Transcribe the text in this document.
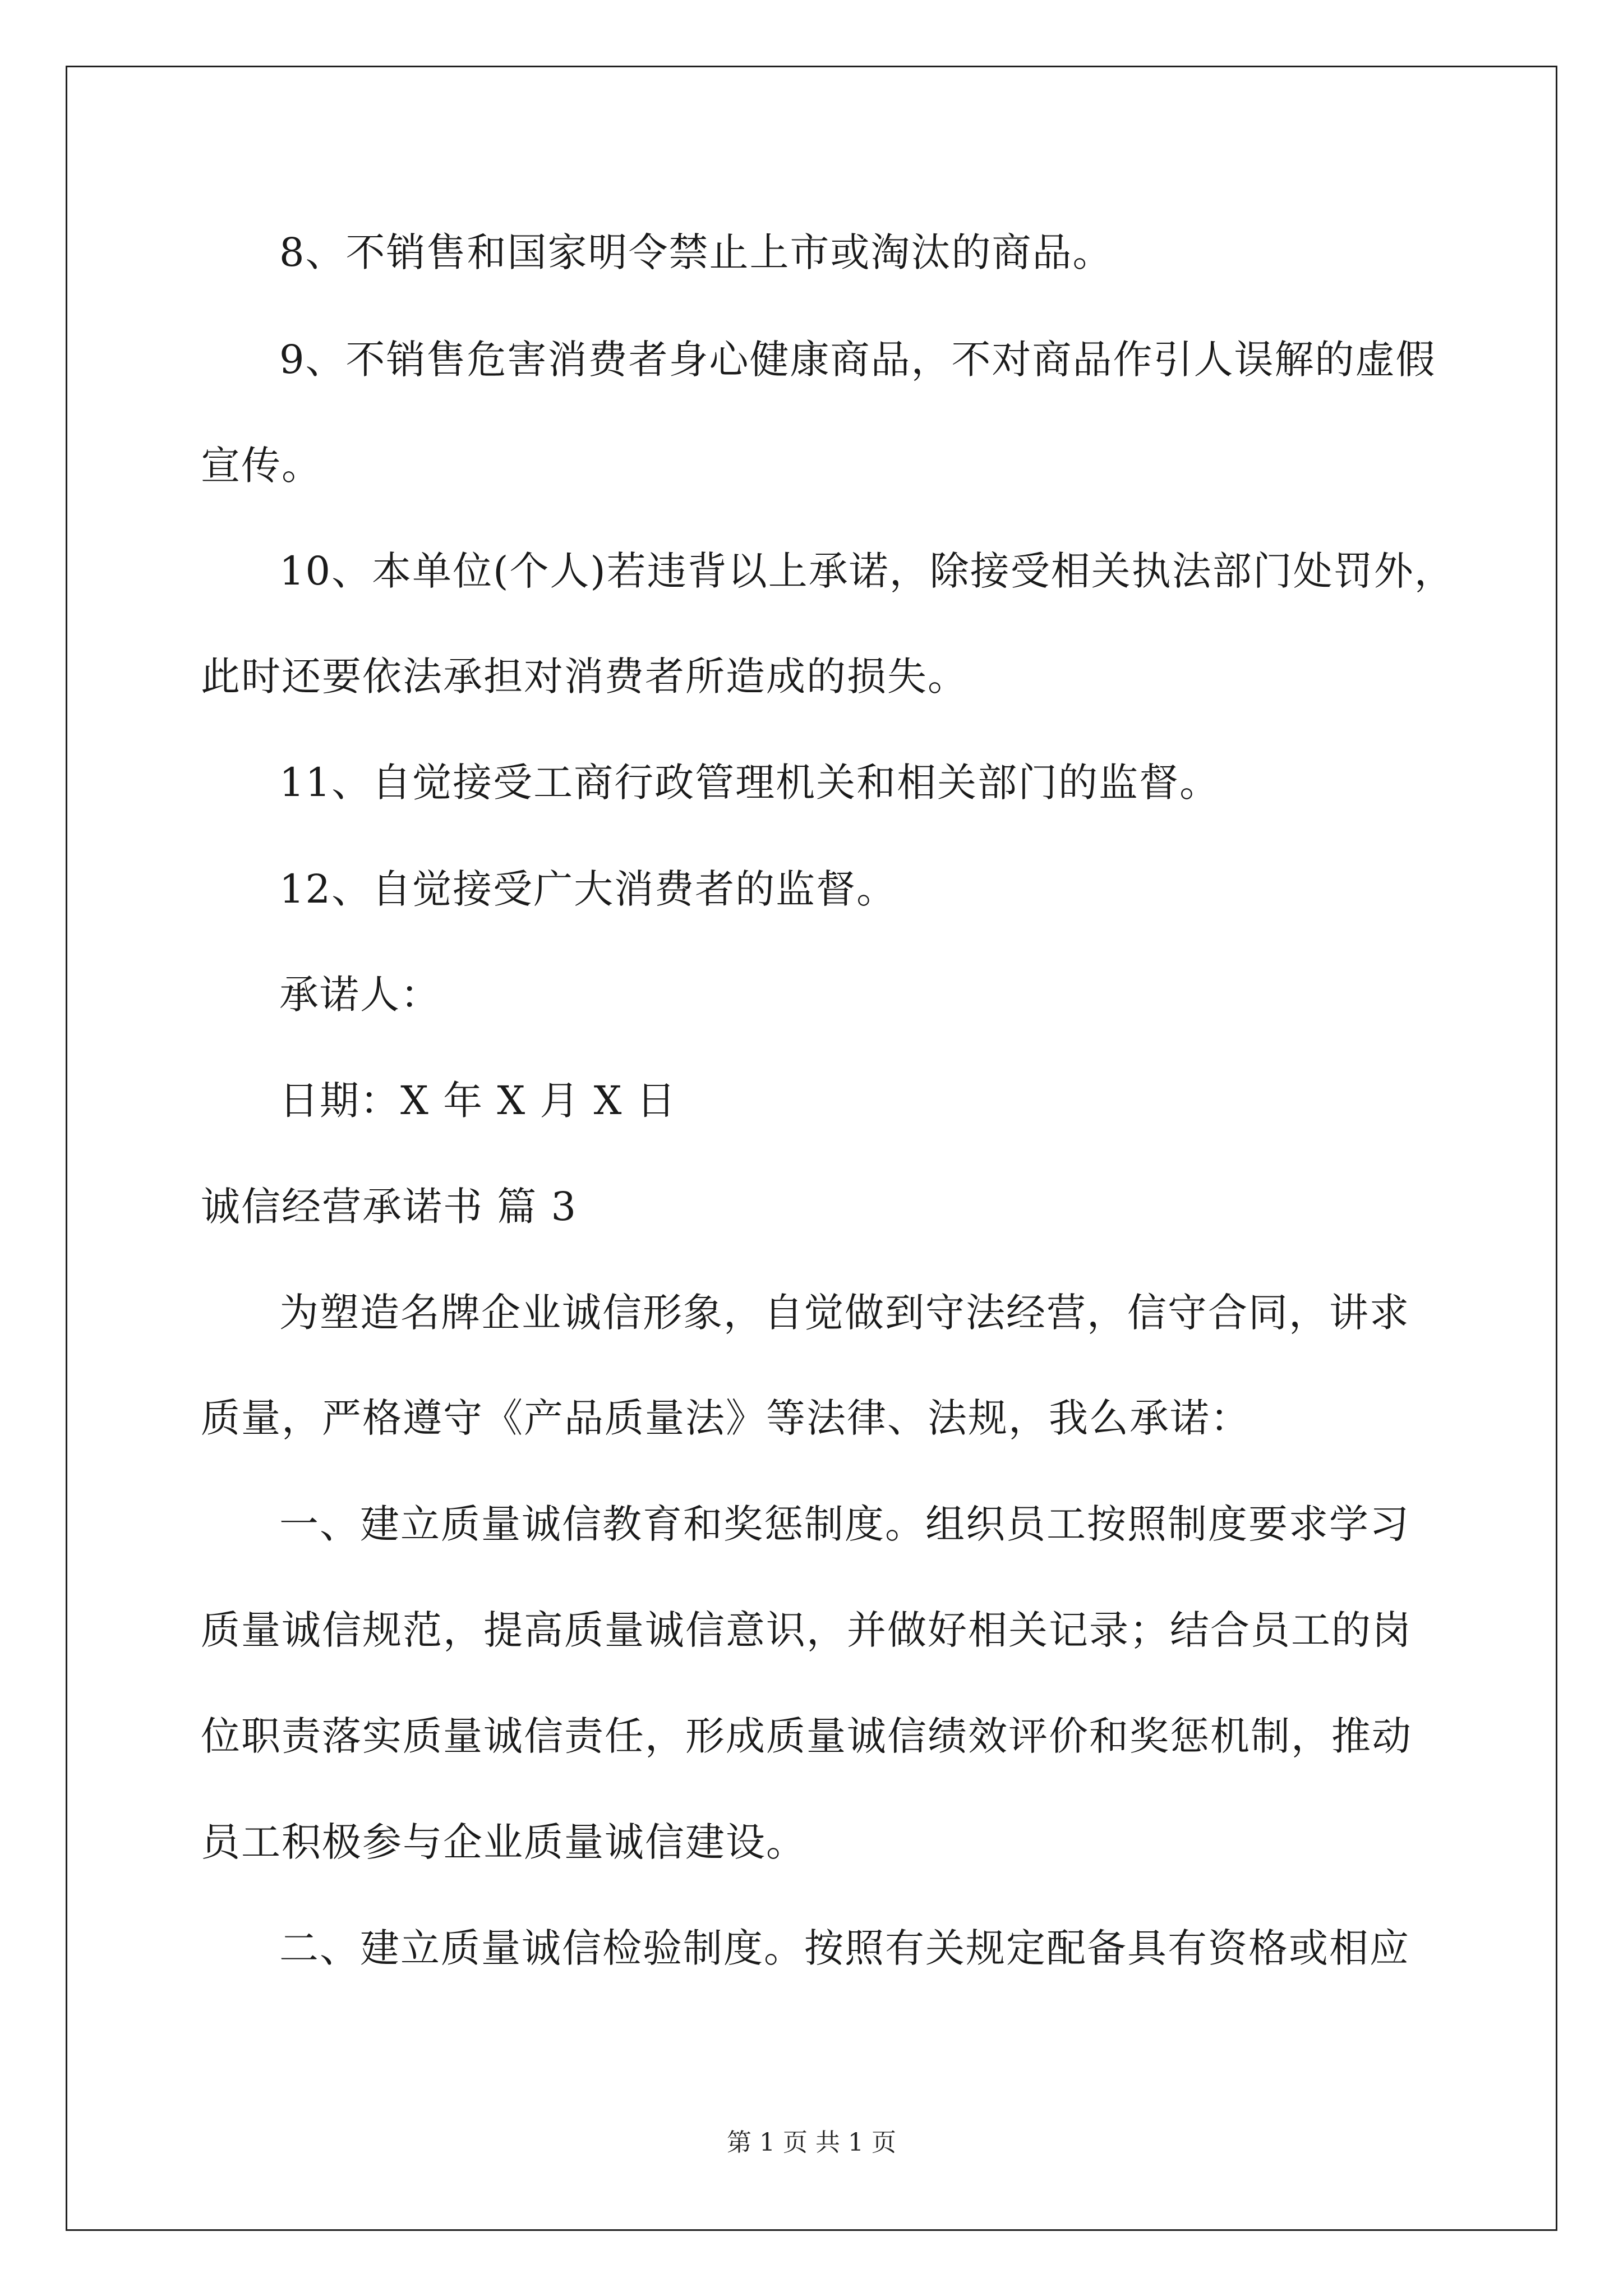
8、不销售和国家明令禁止上市或淘汰的商品。
9、不销售危害消费者身心健康商品，不对商品作引人误解的虚假
宣传。
10、本单位(个人)若违背以上承诺，除接受相关执法部门处罚外，
此时还要依法承担对消费者所造成的损失。
11、自觉接受工商行政管理机关和相关部门的监督。
12、自觉接受广大消费者的监督。
承诺人：
日期：X 年 X 月 X 日
诚信经营承诺书 篇 3
为塑造名牌企业诚信形象，自觉做到守法经营，信守合同，讲求
质量，严格遵守《产品质量法》等法律、法规，我么承诺：
一、建立质量诚信教育和奖惩制度。组织员工按照制度要求学习
质量诚信规范，提高质量诚信意识，并做好相关记录；结合员工的岗
位职责落实质量诚信责任，形成质量诚信绩效评价和奖惩机制，推动
员工积极参与企业质量诚信建设。
二、建立质量诚信检验制度。按照有关规定配备具有资格或相应
第 1 页 共 1 页
